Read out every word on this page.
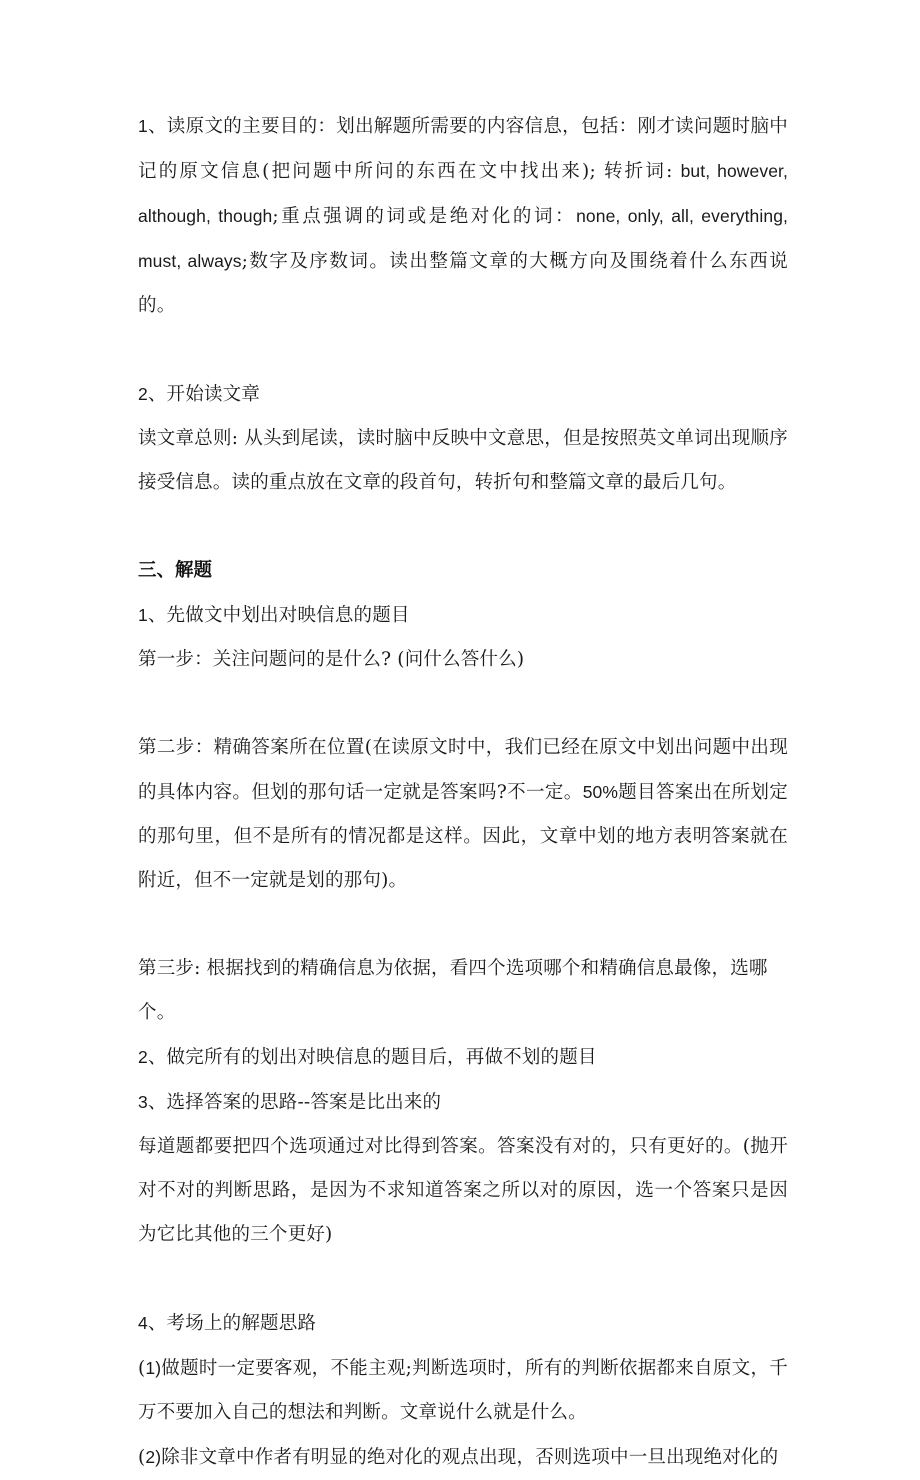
1、读原文的主要目的：划出解题所需要的内容信息，包括：刚才读问题时脑中记的原文信息(把问题中所问的东西在文中找出来); 转折词: but, however, although, though;重点强调的词或是绝对化的词：none, only, all, everything, must, always;数字及序数词。读出整篇文章的大概方向及围绕着什么东西说的。

2、开始读文章

读文章总则: 从头到尾读，读时脑中反映中文意思，但是按照英文单词出现顺序接受信息。读的重点放在文章的段首句，转折句和整篇文章的最后几句。

三、解题

1、先做文中划出对映信息的题目

第一步：关注问题问的是什么? (问什么答什么)

第二步：精确答案所在位置(在读原文时中，我们已经在原文中划出问题中出现的具体内容。但划的那句话一定就是答案吗?不一定。50%题目答案出在所划定的那句里，但不是所有的情况都是这样。因此，文章中划的地方表明答案就在附近，但不一定就是划的那句)。

第三步: 根据找到的精确信息为依据，看四个选项哪个和精确信息最像，选哪个。

2、做完所有的划出对映信息的题目后，再做不划的题目

3、选择答案的思路--答案是比出来的

每道题都要把四个选项通过对比得到答案。答案没有对的，只有更好的。(抛开对不对的判断思路，是因为不求知道答案之所以对的原因，选一个答案只是因为它比其他的三个更好)

4、考场上的解题思路

(1)做题时一定要客观，不能主观;判断选项时，所有的判断依据都来自原文，千万不要加入自己的想法和判断。文章说什么就是什么。

(2)除非文章中作者有明显的绝对化的观点出现，否则选项中一旦出现绝对化的
